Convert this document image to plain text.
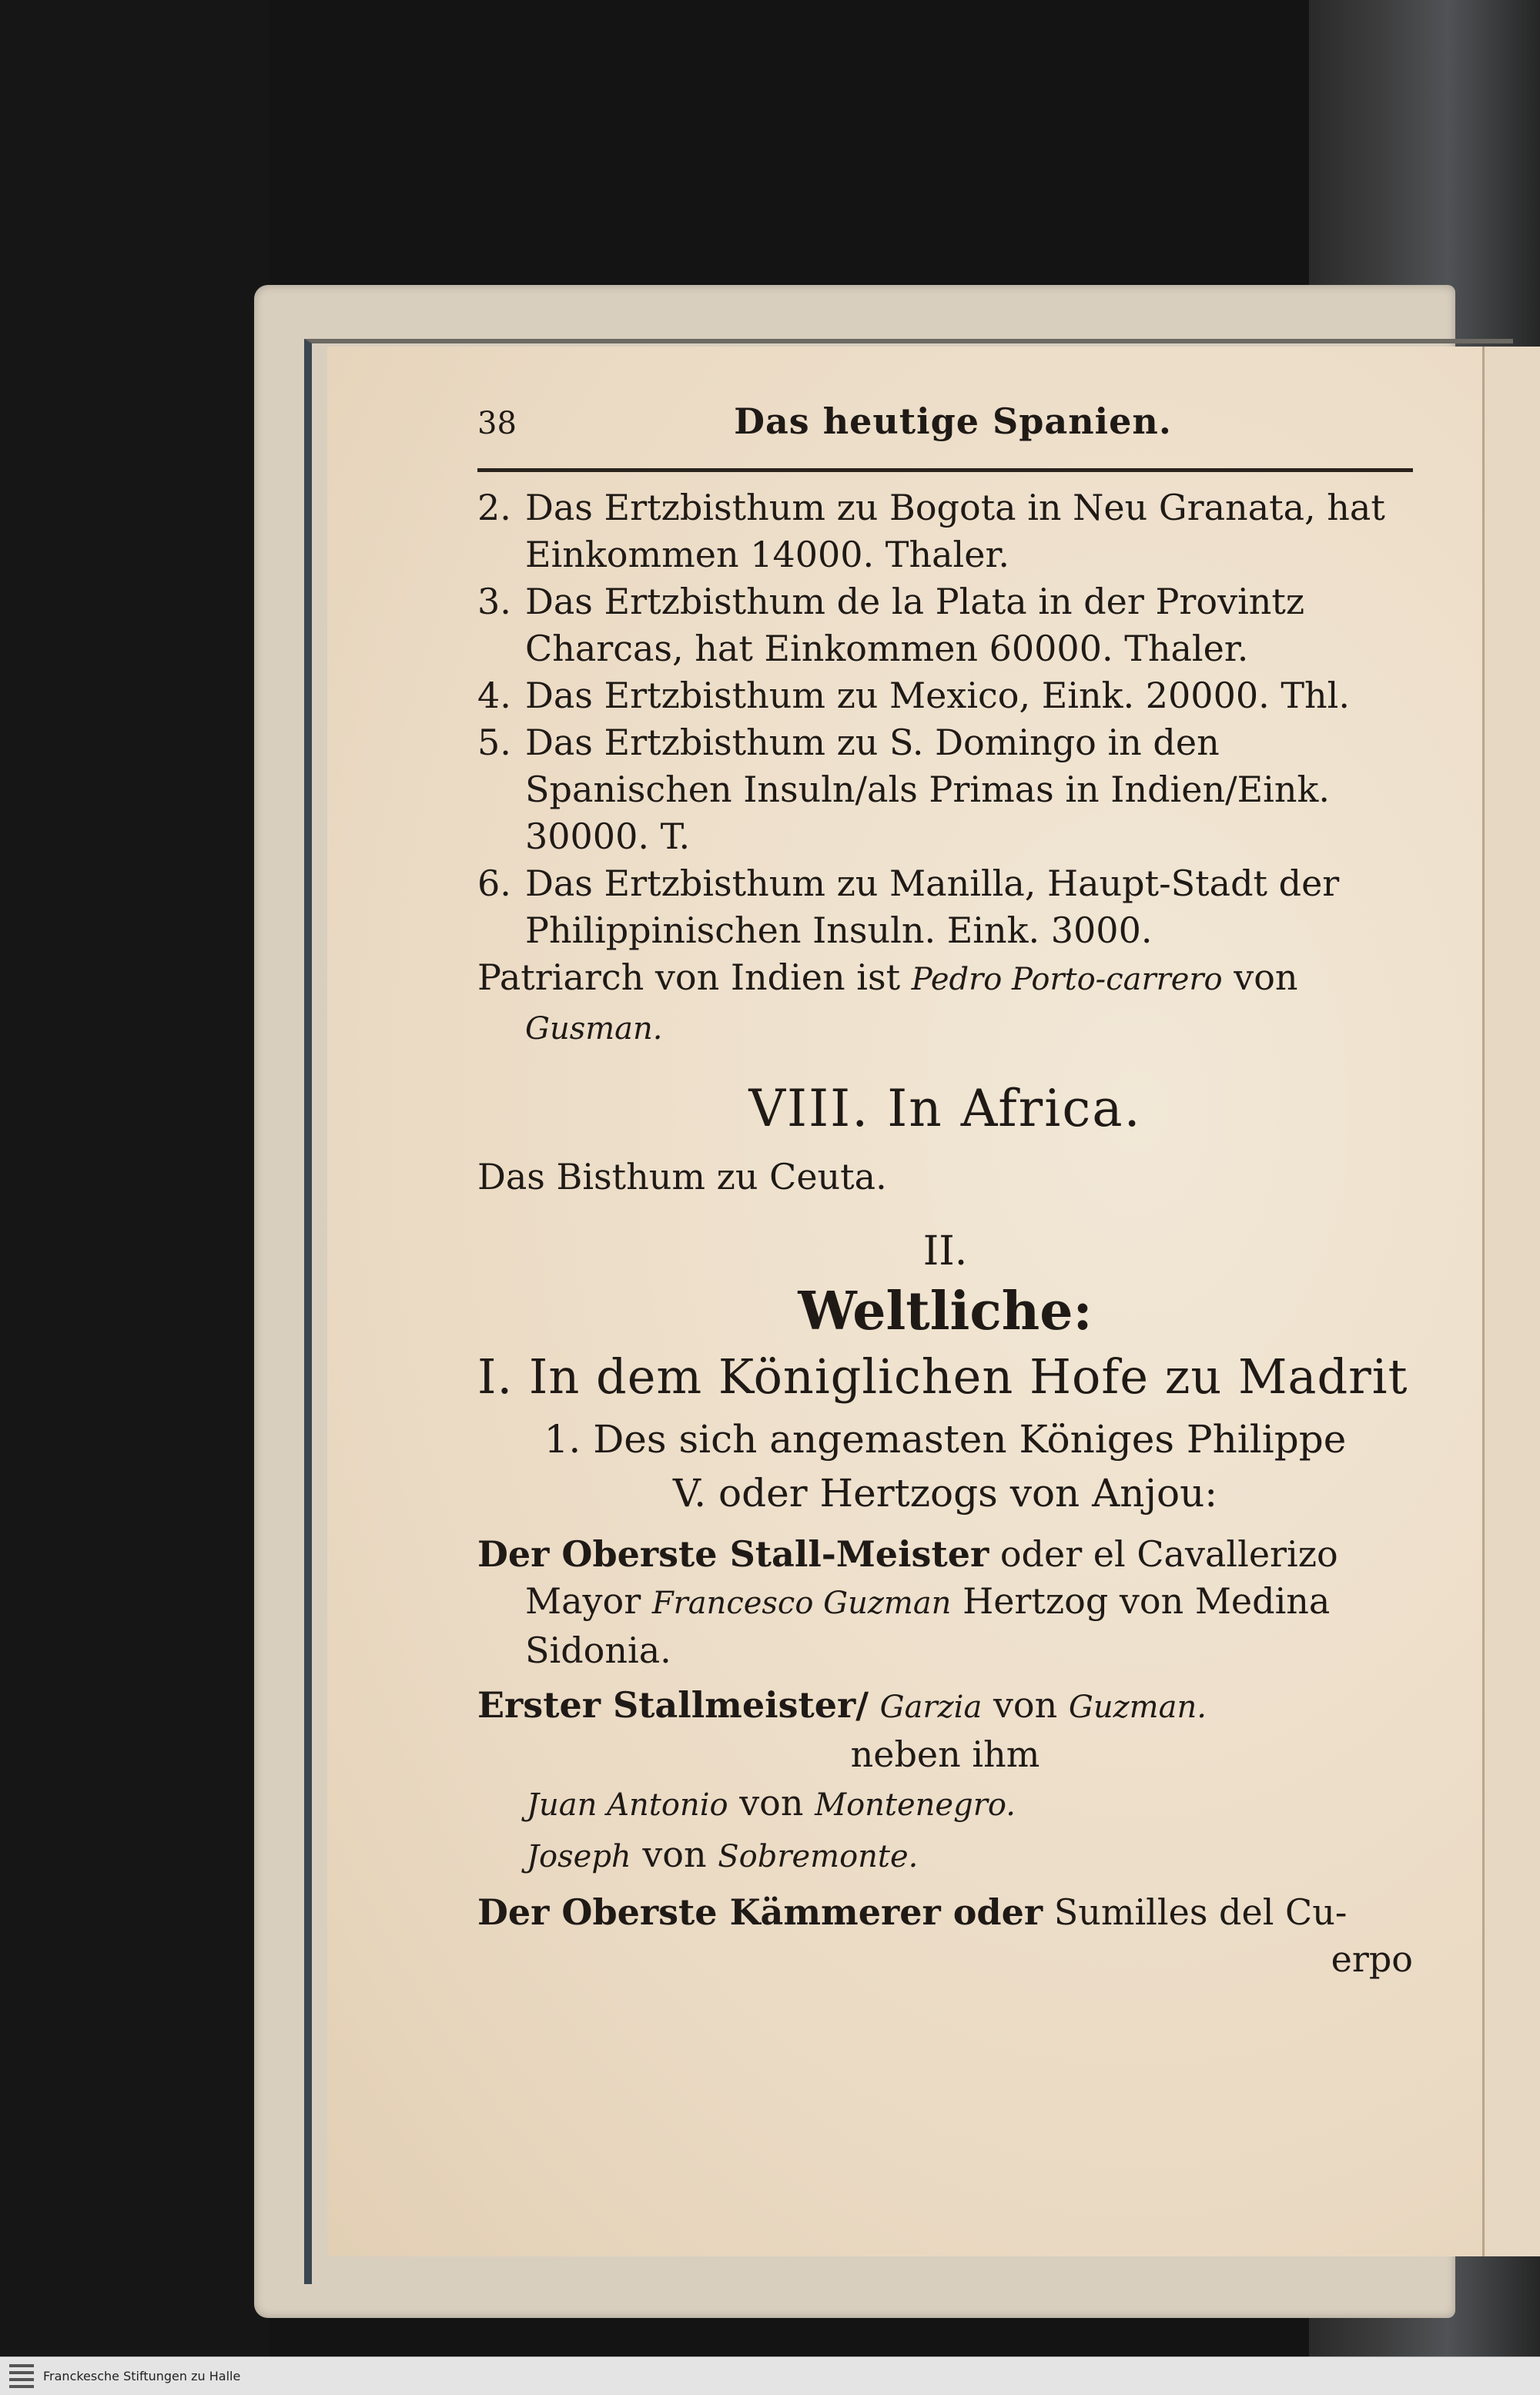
38	Das heutige Spanien.

2. Das Ertzbisthum zu Bogota in Neu Granata, hat Einkommen 14000. Thaler.

3. Das Ertzbisthum de la Plata in der Provintz Charcas, hat Einkommen 60000. Thaler.

4. Das Ertzbisthum zu Mexico, Eink. 20000. Thl.

5. Das Ertzbisthum zu S. Domingo in den Spanischen Insuln/als Primas in Indien/Eink. 30000. T.

6. Das Ertzbisthum zu Manilla, Haupt-Stadt der Philippinischen Insuln. Eink. 3000.

Patriarch von Indien ist Pedro Porto-carrero von Gusman.

VIII. In Africa.

Das Bisthum zu Ceuta.

II.
Weltliche:
I. In dem Königlichen Hofe zu Madrit
1. Des sich angemasten Königes Philippe
V. oder Hertzogs von Anjou:

Der Oberste Stall-Meister oder el Cavallerizo Mayor Francesco Guzman Hertzog von Medina Sidonia.

Erster Stallmeister/ Garzia von Guzman.

neben ihm

Juan Antonio von Montenegro.

Joseph von Sobremonte.

Der Oberste Kämmerer oder Sumilles del Cu-

erpo

Franckesche Stiftungen zu Halle
